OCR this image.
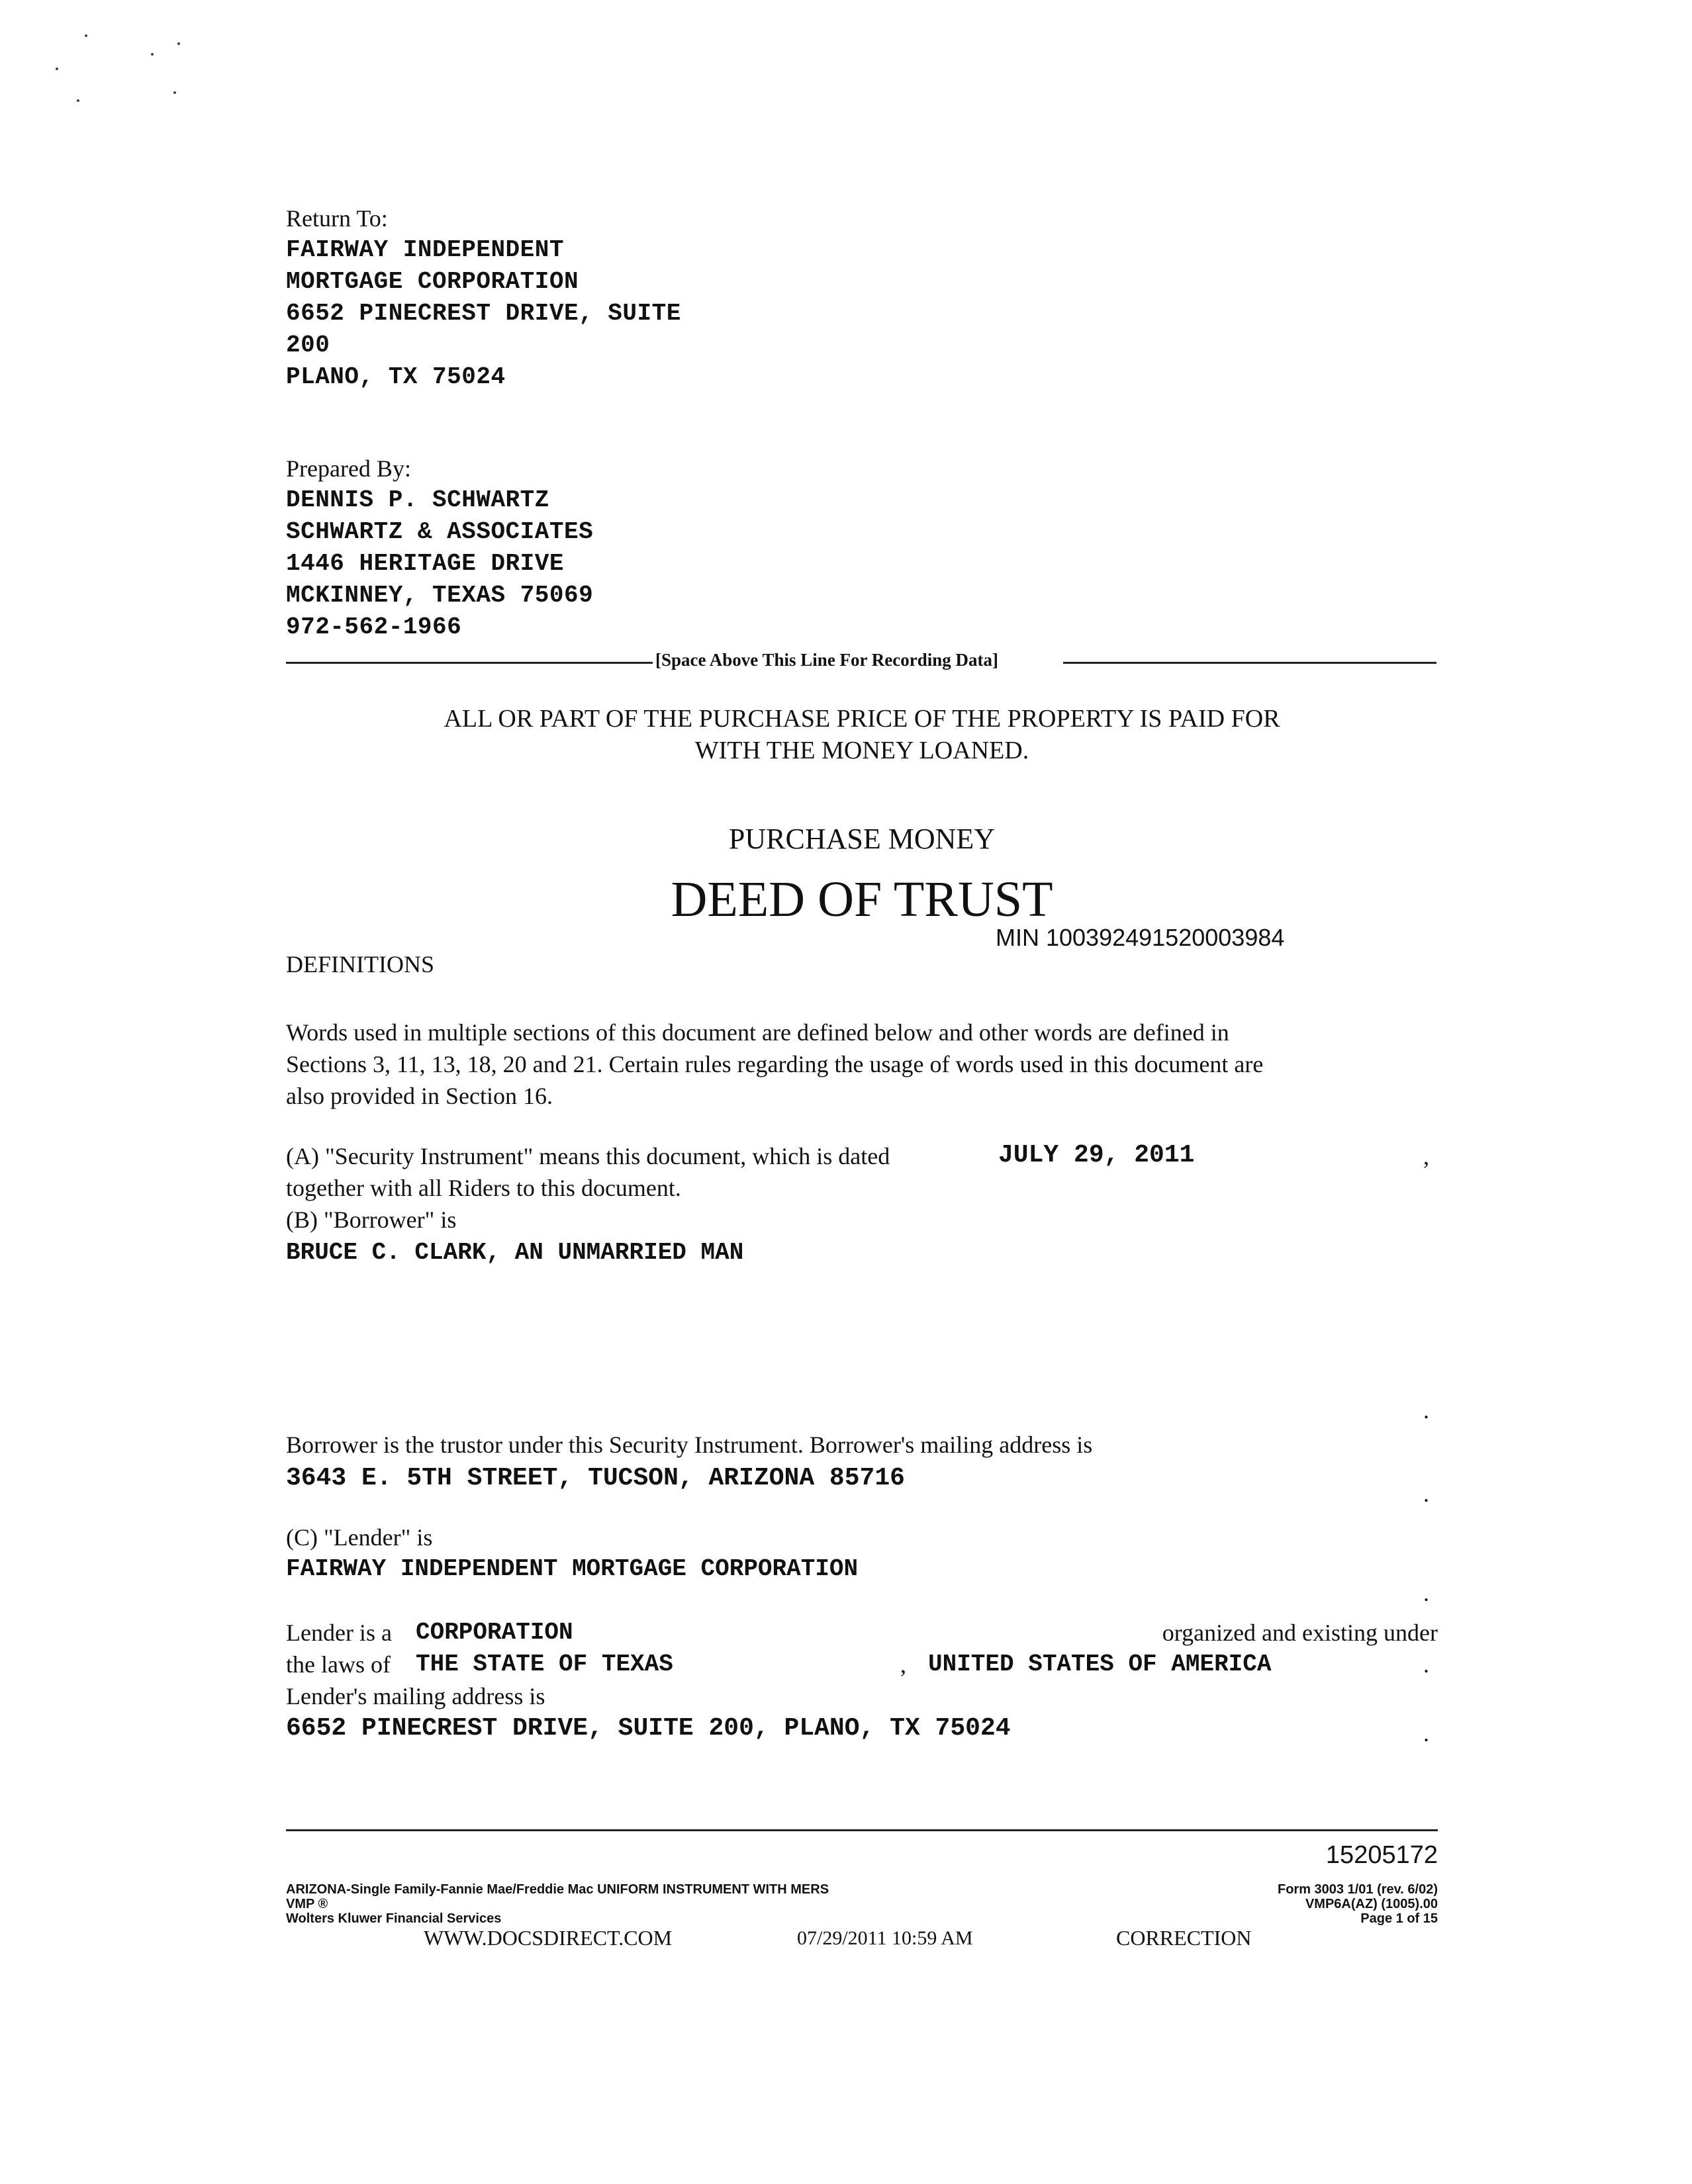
Return To:
FAIRWAY INDEPENDENT
MORTGAGE CORPORATION
6652 PINECREST DRIVE, SUITE
200
PLANO, TX 75024
Prepared By:
DENNIS P. SCHWARTZ
SCHWARTZ & ASSOCIATES
1446 HERITAGE DRIVE
MCKINNEY, TEXAS 75069
972-562-1966
[Space Above This Line For Recording Data]
ALL OR PART OF THE PURCHASE PRICE OF THE PROPERTY IS PAID FOR
WITH THE MONEY LOANED.
PURCHASE MONEY
DEED OF TRUST
MIN 100392491520003984
DEFINITIONS
Words used in multiple sections of this document are defined below and other words are defined in
Sections 3, 11, 13, 18, 20 and 21. Certain rules regarding the usage of words used in this document are
also provided in Section 16.
(A) "Security Instrument" means this document, which is dated	JULY 29, 2011	,
together with all Riders to this document.
(B) "Borrower" is
BRUCE C. CLARK, AN UNMARRIED MAN
.
Borrower is the trustor under this Security Instrument. Borrower's mailing address is
3643 E. 5TH STREET, TUCSON, ARIZONA 85716
.
(C) "Lender" is
FAIRWAY INDEPENDENT MORTGAGE CORPORATION
.
Lender is a CORPORATION	organized and existing under
the laws of THE STATE OF TEXAS	, UNITED STATES OF AMERICA	.
Lender's mailing address is
6652 PINECREST DRIVE, SUITE 200, PLANO, TX 75024	.
15205172
ARIZONA-Single Family-Fannie Mae/Freddie Mac UNIFORM INSTRUMENT WITH MERS
VMP ®
Wolters Kluwer Financial Services
Form 3003 1/01 (rev. 6/02)
VMP6A(AZ) (1005).00
Page 1 of 15
WWW.DOCSDIRECT.COM	07/29/2011 10:59 AM	CORRECTION
